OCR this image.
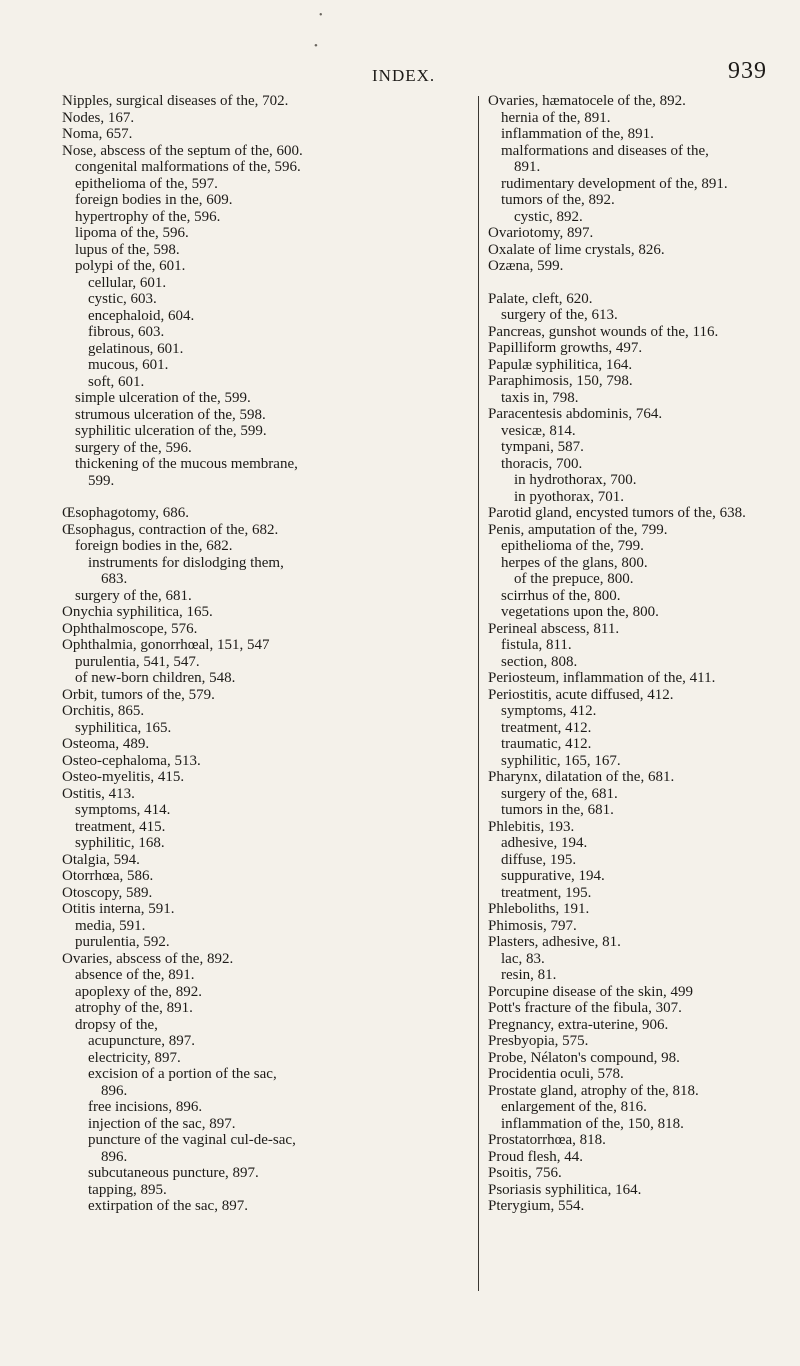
•
•
INDEX.	939
Nipples, surgical diseases of the, 702.
Nodes, 167.
Noma, 657.
Nose, abscess of the septum of the, 600.
congenital malformations of the, 596.
epithelioma of the, 597.
foreign bodies in the, 609.
hypertrophy of the, 596.
lipoma of the, 596.
lupus of the, 598.
polypi of the, 601.
cellular, 601.
cystic, 603.
encephaloid, 604.
fibrous, 603.
gelatinous, 601.
mucous, 601.
soft, 601.
simple ulceration of the, 599.
strumous ulceration of the, 598.
syphilitic ulceration of the, 599.
surgery of the, 596.
thickening of the mucous membrane,
599.
Œsophagotomy, 686.
Œsophagus, contraction of the, 682.
foreign bodies in the, 682.
instruments for dislodging them,
683.
surgery of the, 681.
Onychia syphilitica, 165.
Ophthalmoscope, 576.
Ophthalmia, gonorrhœal, 151, 547
purulentia, 541, 547.
of new-born children, 548.
Orbit, tumors of the, 579.
Orchitis, 865.
syphilitica, 165.
Osteoma, 489.
Osteo-cephaloma, 513.
Osteo-myelitis, 415.
Ostitis, 413.
symptoms, 414.
treatment, 415.
syphilitic, 168.
Otalgia, 594.
Otorrhœa, 586.
Otoscopy, 589.
Otitis interna, 591.
media, 591.
purulentia, 592.
Ovaries, abscess of the, 892.
absence of the, 891.
apoplexy of the, 892.
atrophy of the, 891.
dropsy of the,
acupuncture, 897.
electricity, 897.
excision of a portion of the sac,
896.
free incisions, 896.
injection of the sac, 897.
puncture of the vaginal cul-de-sac,
896.
subcutaneous puncture, 897.
tapping, 895.
extirpation of the sac, 897.
Ovaries, hæmatocele of the, 892.
hernia of the, 891.
inflammation of the, 891.
malformations and diseases of the,
891.
rudimentary development of the, 891.
tumors of the, 892.
cystic, 892.
Ovariotomy, 897.
Oxalate of lime crystals, 826.
Ozæna, 599.
Palate, cleft, 620.
surgery of the, 613.
Pancreas, gunshot wounds of the, 116.
Papilliform growths, 497.
Papulæ syphilitica, 164.
Paraphimosis, 150, 798.
taxis in, 798.
Paracentesis abdominis, 764.
vesicæ, 814.
tympani, 587.
thoracis, 700.
in hydrothorax, 700.
in pyothorax, 701.
Parotid gland, encysted tumors of the, 638.
Penis, amputation of the, 799.
epithelioma of the, 799.
herpes of the glans, 800.
of the prepuce, 800.
scirrhus of the, 800.
vegetations upon the, 800.
Perineal abscess, 811.
fistula, 811.
section, 808.
Periosteum, inflammation of the, 411.
Periostitis, acute diffused, 412.
symptoms, 412.
treatment, 412.
traumatic, 412.
syphilitic, 165, 167.
Pharynx, dilatation of the, 681.
surgery of the, 681.
tumors in the, 681.
Phlebitis, 193.
adhesive, 194.
diffuse, 195.
suppurative, 194.
treatment, 195.
Phleboliths, 191.
Phimosis, 797.
Plasters, adhesive, 81.
lac, 83.
resin, 81.
Porcupine disease of the skin, 499
Pott's fracture of the fibula, 307.
Pregnancy, extra-uterine, 906.
Presbyopia, 575.
Probe, Nélaton's compound, 98.
Procidentia oculi, 578.
Prostate gland, atrophy of the, 818.
enlargement of the, 816.
inflammation of the, 150, 818.
Prostatorrhœa, 818.
Proud flesh, 44.
Psoitis, 756.
Psoriasis syphilitica, 164.
Pterygium, 554.
